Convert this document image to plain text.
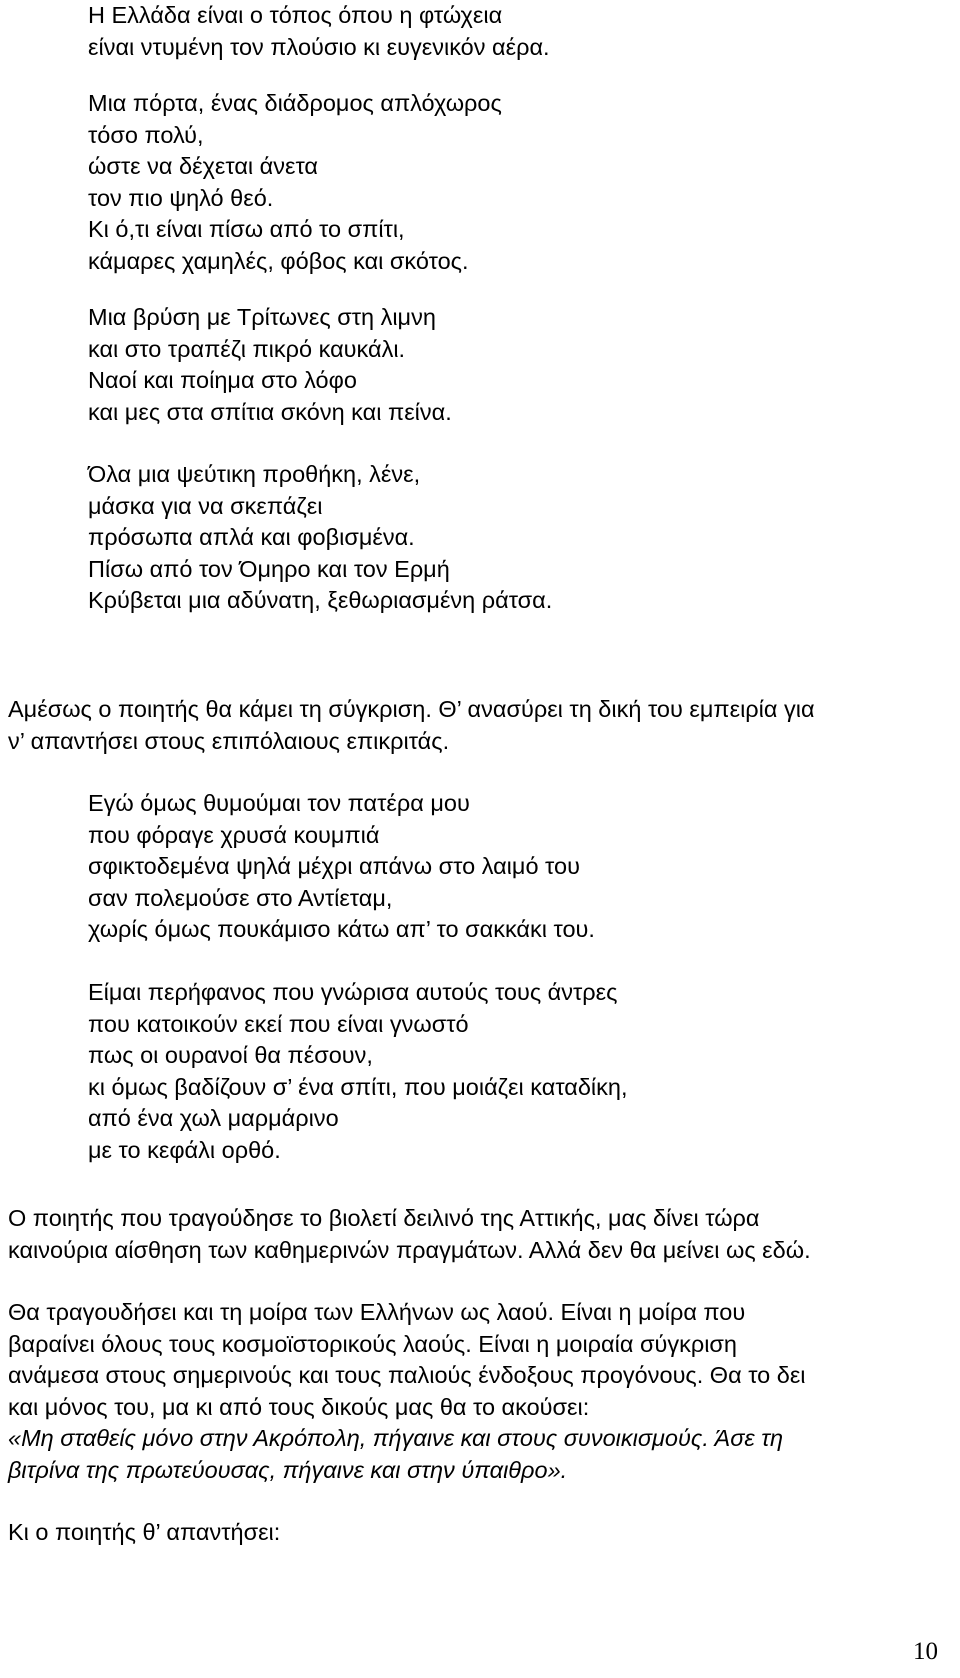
Η Ελλάδα είναι ο τόπος όπου η φτώχεια
είναι ντυμένη τον πλούσιο κι ευγενικόν αέρα.
Μια πόρτα, ένας διάδρομος απλόχωρος
τόσο πολύ,
ώστε να δέχεται άνετα
τον πιο ψηλό θεό.
Κι ό,τι είναι πίσω από το σπίτι,
κάμαρες χαμηλές, φόβος και σκότος.
Μια βρύση με Τρίτωνες στη λιμνη
και στο τραπέζι πικρό καυκάλι.
Ναοί και ποίημα στο λόφο
και μες στα σπίτια σκόνη και πείνα.
Όλα μια ψεύτικη προθήκη, λένε,
μάσκα για να σκεπάζει
πρόσωπα απλά και φοβισμένα.
Πίσω από τον Όμηρο και τον Ερμή
Κρύβεται μια αδύνατη, ξεθωριασμένη ράτσα.
Αμέσως ο ποιητής θα κάμει τη σύγκριση. Θ’ ανασύρει τη δική του εμπειρία για
ν’ απαντήσει στους επιπόλαιους επικριτάς.
Εγώ όμως θυμούμαι τον πατέρα μου
που φόραγε χρυσά κουμπιά
σφικτοδεμένα ψηλά μέχρι απάνω στο λαιμό του
σαν πολεμούσε στο Αντίεταμ,
χωρίς όμως πουκάμισο κάτω απ’ το σακκάκι του.
Είμαι περήφανος που γνώρισα αυτούς τους άντρες
που κατοικούν εκεί που είναι γνωστό
πως οι ουρανοί θα πέσουν,
κι όμως βαδίζουν σ’ ένα σπίτι, που μοιάζει καταδίκη,
από ένα χωλ μαρμάρινο
με το κεφάλι ορθό.
Ο ποιητής που τραγούδησε το βιολετί δειλινό της Αττικής, μας δίνει τώρα
καινούρια αίσθηση των καθημερινών πραγμάτων. Αλλά δεν θα μείνει ως εδώ.
Θα τραγουδήσει και τη μοίρα των Ελλήνων ως λαού. Είναι η μοίρα που
βαραίνει όλους τους κοσμοϊστορικούς λαούς. Είναι η μοιραία σύγκριση
ανάμεσα στους σημερινούς και τους παλιούς ένδοξους προγόνους. Θα το δει
και μόνος του, μα κι από τους δικούς μας θα το ακούσει:
«Μη σταθείς μόνο στην Ακρόπολη, πήγαινε και στους συνοικισμούς. Άσε τη
βιτρίνα της πρωτεύουσας, πήγαινε και στην ύπαιθρο».
Κι ο ποιητής θ’ απαντήσει:
10
